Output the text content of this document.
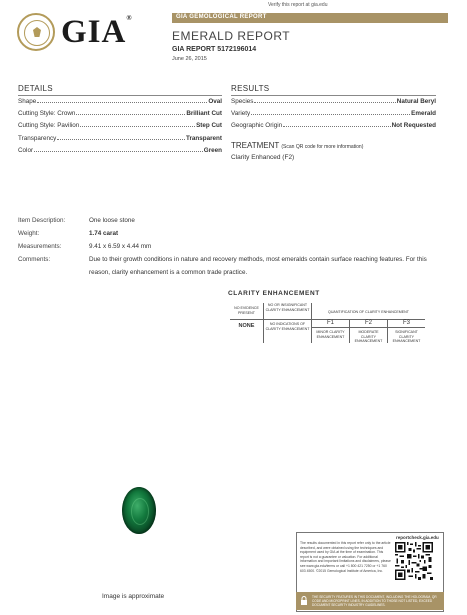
Verify this report at gia.edu
GIA®	GIA GEMOLOGICAL REPORT
EMERALD REPORT
GIA REPORT 5172196014
June 26, 2015
DETAILS
Shape	Oval
Cutting Style: Crown	Brilliant Cut
Cutting Style: Pavilion	Step Cut
Transparency	Transparent
Color	Green
RESULTS
Species	Natural Beryl
Variety	Emerald
Geographic Origin	Not Requested
TREATMENT (Scan QR code for more information)
Clarity Enhanced (F2)
Item Description:	One loose stone
Weight:	1.74 carat
Measurements:	9.41 x 6.59 x 4.44 mm
Comments:	Due to their growth conditions in nature and recovery methods, most emeralds contain surface reaching features. For this reason, clarity enhancement is a common trade practice.
CLARITY ENHANCEMENT
NO EVIDENCE PRESENT
NO OR INSIGNIFICANT CLARITY ENHANCEMENT
QUANTIFICATION OF CLARITY ENHANCEMENT
NONE	NO INDICATIONS OF CLARITY ENHANCEMENT
F1	F2	F3
MINOR CLARITY ENHANCEMENT
MODERATE CLARITY ENHANCEMENT
SIGNIFICANT CLARITY ENHANCEMENT
Image is approximate
reportcheck.gia.edu
The results documented in this report refer only to the article described, and were obtained using the techniques and equipment used by GIA at the time of examination. This report is not a guarantee or valuation. For additional information and important limitations and disclaimers, please see www.gia.edu/terms or call +1 800 421 7250 or +1 760 603 4500. ©2015 Gemological Institute of America, Inc.
THE SECURITY FEATURES IN THIS DOCUMENT, INCLUDING THE HOLOGRAM, QR CODE AND MICROPRINT LINES, IN ADDITION TO THOSE NOT LISTED, EXCEED DOCUMENT SECURITY INDUSTRY GUIDELINES.
